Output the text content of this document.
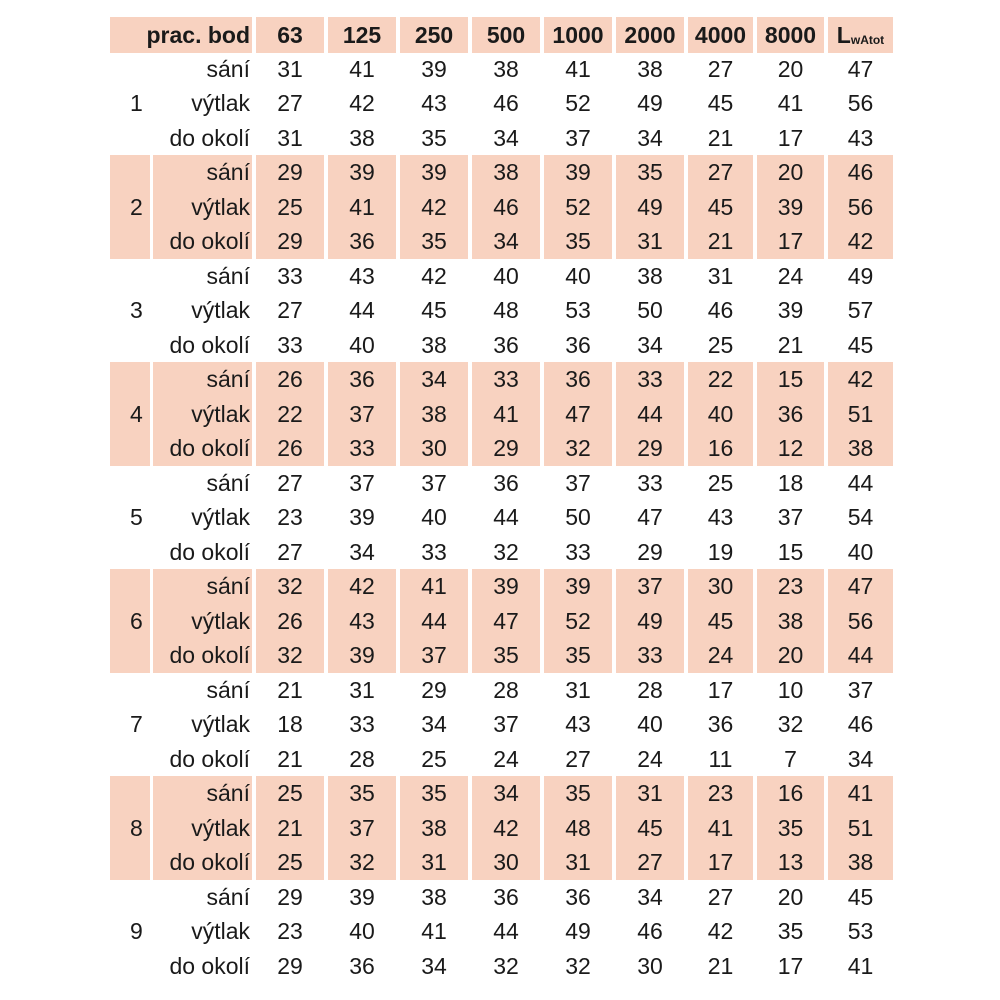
prac. bod	63	125	250	500	1000 2000 4000 8000 L wAtot
1
sání	31	41	39	38	41	38	27	20	47
výtlak	27	42	43	46	52	49	45	41	56
do okolí	31	38	35	34	37	34	21	17	43
2
sání	29	39	39	38	39	35	27	20	46
výtlak	25	41	42	46	52	49	45	39	56
do okolí	29	36	35	34	35	31	21	17	42
3
sání	33	43	42	40	40	38	31	24	49
výtlak	27	44	45	48	53	50	46	39	57
do okolí	33	40	38	36	36	34	25	21	45
4
sání	26	36	34	33	36	33	22	15	42
výtlak	22	37	38	41	47	44	40	36	51
do okolí	26	33	30	29	32	29	16	12	38
5
sání	27	37	37	36	37	33	25	18	44
výtlak	23	39	40	44	50	47	43	37	54
do okolí	27	34	33	32	33	29	19	15	40
6
sání	32	42	41	39	39	37	30	23	47
výtlak	26	43	44	47	52	49	45	38	56
do okolí	32	39	37	35	35	33	24	20	44
7
sání	21	31	29	28	31	28	17	10	37
výtlak	18	33	34	37	43	40	36	32	46
do okolí	21	28	25	24	27	24	11	7	34
8
sání	25	35	35	34	35	31	23	16	41
výtlak	21	37	38	42	48	45	41	35	51
do okolí	25	32	31	30	31	27	17	13	38
9
sání	29	39	38	36	36	34	27	20	45
výtlak	23	40	41	44	49	46	42	35	53
do okolí	29	36	34	32	32	30	21	17	41
